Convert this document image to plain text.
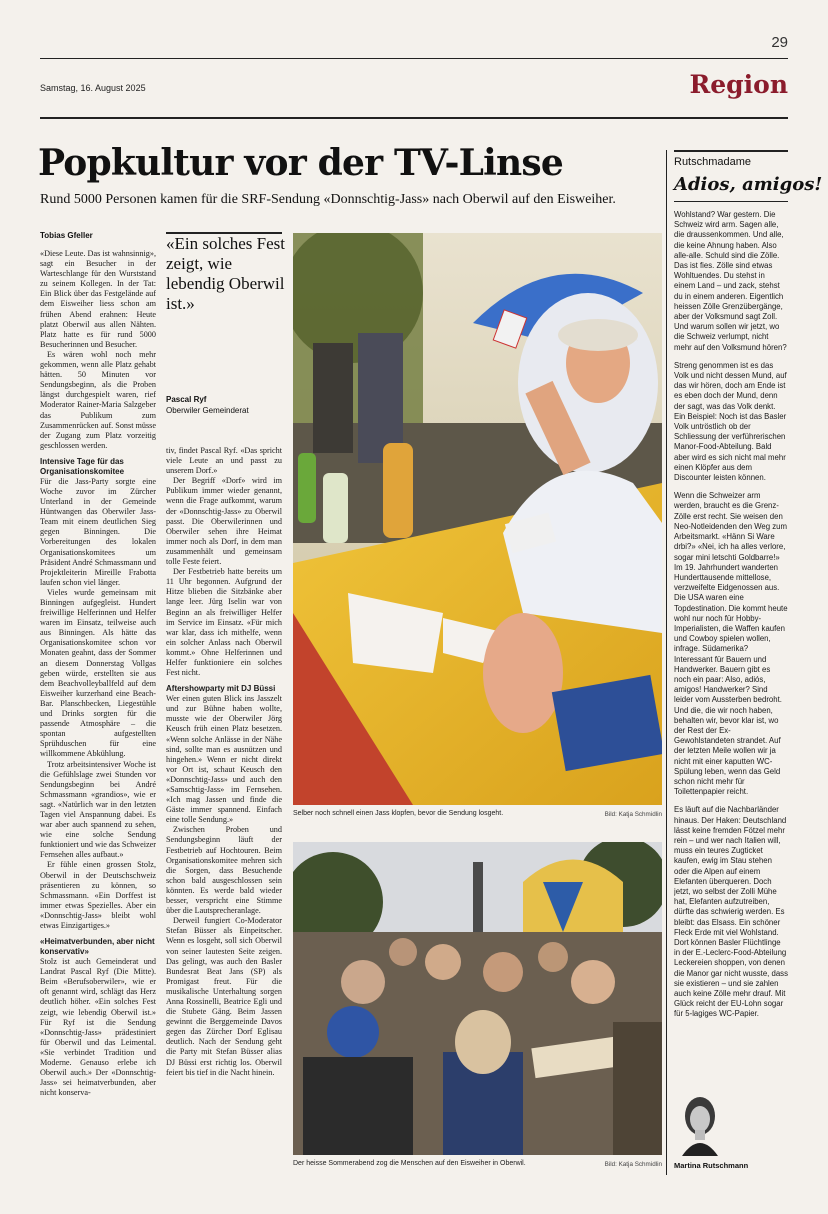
29
Samstag, 16. August 2025	Region
Popkultur vor der TV-Linse
Rund 5000 Personen kamen für die SRF-Sendung «Donnschtig-Jass» nach Oberwil auf den Eisweiher.
Tobias Gfeller

«Diese Leute. Das ist wahnsinnig», sagt ein Besucher in der Warteschlange für den Wurststand zu seinem Kollegen. In der Tat: Ein Blick über das Festgelände auf dem Eisweiher liess schon am frühen Abend erahnen: Heute platzt Oberwil aus allen Nähten. Platz hatte es für rund 5000 Besucherinnen und Besucher.

Es wären wohl noch mehr gekommen, wenn alle Platz gehabt hätten. 50 Minuten vor Sendungsbeginn, als die Proben längst durchgespielt waren, rief Moderator Rainer-Maria Salzgeber das Publikum zum Zusammenrücken auf. Sonst müsse der Zugang zum Platz vorzeitig geschlossen werden.

Intensive Tage für das Organisationskomitee

Für die Jass-Party sorgte eine Woche zuvor im Zürcher Unterland in der Gemeinde Hüntwangen das Oberwiler Jass-Team mit einem deutlichen Sieg gegen Binningen. Die Vorbereitungen des lokalen Organisationskomitees um Präsident André Schmassmann und Projektleiterin Mireille Frabotta laufen schon viel länger.

Vieles wurde gemeinsam mit Binningen aufgegleist. Hundert freiwillige Helferinnen und Helfer waren im Einsatz, teilweise auch aus Binningen. Als hätte das Organisationskomitee schon vor Monaten geahnt, dass der Sommer an diesem Donnerstag Vollgas geben würde, erstellten sie aus dem Beachvolleyballfeld auf dem Eisweiher kurzerhand eine Beach-Bar. Planschbecken, Liegestühle und Drinks sorgten für die passende Atmosphäre – die spontan aufgestellten Sprühduschen für eine willkommene Abkühlung.

Trotz arbeitsintensiver Woche ist die Gefühlslage zwei Stunden vor Sendungsbeginn bei André Schmassmann «grandios», wie er sagt. «Natürlich war in den letzten Tagen viel Anspannung dabei. Es war aber auch spannend zu sehen, wie eine solche Sendung funktioniert und wie das Schweizer Fernsehen alles aufbaut.»

Er fühle einen grossen Stolz, Oberwil in der Deutschschweiz präsentieren zu können, so Schmassmann. «Ein Dorffest ist immer etwas Spezielles. Aber ein «Donnschtig-Jass» bleibt wohl etwas Einzigartiges.»

«Heimatverbunden, aber nicht konservativ»

Stolz ist auch Gemeinderat und Landrat Pascal Ryf (Die Mitte). Beim «Berufsoberwiler», wie er oft genannt wird, schlägt das Herz deutlich höher. «Ein solches Fest zeigt, wie lebendig Oberwil ist.» Für Ryf ist die Sendung «Donnschtig-Jass» prädestiniert für Oberwil und das Leimental. «Sie verbindet Tradition und Moderne. Genauso erlebe ich Oberwil auch.» Der «Donnschtig-Jass» sei heimatverbunden, aber nicht konserva-

«Ein solches Fest zeigt, wie lebendig Oberwil ist.»
Pascal Ryf
Oberwiler Gemeinderat

tiv, findet Pascal Ryf. «Das spricht viele Leute an und passt zu unserem Dorf.»

Der Begriff «Dorf» wird im Publikum immer wieder genannt, wenn die Frage aufkommt, warum der «Donnschtig-Jass» zu Oberwil passt. Die Oberwilerinnen und Oberwiler sehen ihre Heimat immer noch als Dorf, in dem man zusammenhält und gemeinsam tolle Feste feiert.

Der Festbetrieb hatte bereits um 11 Uhr begonnen. Aufgrund der Hitze blieben die Sitzbänke aber lange leer. Jürg Iselin war von Beginn an als freiwilliger Helfer im Service im Einsatz. «Für mich war klar, dass ich mithelfe, wenn ein solcher Anlass nach Oberwil kommt.» Ohne Helferinnen und Helfer funktioniere ein solches Fest nicht.

Aftershowparty mit DJ Büssi

Wer einen guten Blick ins Jasszelt und zur Bühne haben wollte, musste wie der Oberwiler Jörg Keusch früh einen Platz besetzen. «Wenn solche Anlässe in der Nähe sind, sollte man es ausnützen und hingehen.» Wenn er nicht direkt vor Ort ist, schaut Keusch den «Donnschtig-Jass» und auch den «Samschtig-Jass» im Fernsehen. «Ich mag Jassen und finde die Gäste immer spannend. Einfach eine tolle Sendung.»

Zwischen Proben und Sendungsbeginn läuft der Festbetrieb auf Hochtouren. Beim Organisationskomitee mehren sich die Sorgen, dass Besuchende schon bald ausgeschlossen sein könnten. Es werde bald wieder besser, verspricht eine Stimme über die Lautsprecheranlage.

Derweil fungiert Co-Moderator Stefan Büsser als Einpeitscher. Wenn es losgeht, soll sich Oberwil von seiner lautesten Seite zeigen. Das gelingt, was auch den Basler Bundesrat Beat Jans (SP) als Promigast freut. Für die musikalische Unterhaltung sorgen Anna Rossinelli, Beatrice Egli und die Stubete Gäng. Beim Jassen gewinnt die Berggemeinde Davos gegen das Zürcher Dorf Eglisau deutlich. Nach der Sendung geht die Party mit Stefan Büsser alias DJ Büssi erst richtig los. Oberwil feiert bis tief in die Nacht hinein.

Selber noch schnell einen Jass klopfen, bevor die Sendung losgeht.	Bild: Katja Schmidlin
Der heisse Sommerabend zog die Menschen auf den Eisweiher in Oberwil.	Bild: Katja Schmidlin
Rutschmadame
Adios, amigos!

Wohlstand? War gestern. Die Schweiz wird arm. Sagen alle, die draussenkommen. Und alle, die keine Ahnung haben. Also alle-alle. Schuld sind die Zölle. Das ist fies. Zölle sind etwas Wohltuendes. Du stehst in einem Land – und zack, stehst du in einem anderen. Eigentlich heissen Zölle Grenzübergänge, aber der Volksmund sagt Zoll. Und warum sollen wir jetzt, wo die Schweiz verlumpt, nicht mehr auf den Volksmund hören?

Streng genommen ist es das Volk und nicht dessen Mund, auf das wir hören, doch am Ende ist es eben doch der Mund, denn der sagt, was das Volk denkt. Ein Beispiel: Noch ist das Basler Volk untröstlich ob der Schliessung der verführerischen Manor-Food-Abteilung. Bald aber wird es sich nicht mal mehr einen Klöpfer aus dem Discounter leisten können.

Wenn die Schweizer arm werden, braucht es die Grenz-Zölle erst recht. Sie weisen den Neo-Notleidenden den Weg zum Arbeitsmarkt. «Hänn Si Ware drbi?» «Nei, ich ha alles verlore, sogar mini letschti Goldbarre!» Im 19. Jahrhundert wanderten Hunderttausende mittellose, verzweifelte Eidgenossen aus. Die USA waren eine Topdestination. Die kommt heute wohl nur noch für Hobby-Imperialisten, die Waffen kaufen und Cowboy spielen wollen, infrage. Südamerika? Interessant für Bauern und Handwerker. Bauern gibt es noch ein paar: Also, adiós, amigos! Handwerker? Sind leider vom Aussterben bedroht. Und die, die wir noch haben, behalten wir, bevor klar ist, wo der Rest der Ex-Gewohlstandeten strandet. Auf der letzten Meile wollen wir ja nicht mit einer kaputten WC-Spülung leben, wenn das Geld schon nicht mehr für Toilettenpapier reicht.

Es läuft auf die Nachbarländer hinaus. Der Haken: Deutschland lässt keine fremden Fötzel mehr rein – und wer nach Italien will, muss ein teures Zugticket kaufen, ewig im Stau stehen oder die Alpen auf einem Elefanten überqueren. Doch jetzt, wo selbst der Zolli Mühe hat, Elefanten aufzutreiben, dürfte das schwierig werden. Es bleibt: das Elsass. Ein schöner Fleck Erde mit viel Wohlstand. Dort können Basler Flüchtlinge in der E.-Leclerc-Food-Abteilung Leckereien shoppen, von denen die Manor gar nicht wusste, dass sie existieren – und sie zahlen auch keine Zölle mehr drauf. Mit Glück reicht der EU-Lohn sogar für 5-lagiges WC-Papier.

Martina Rutschmann
